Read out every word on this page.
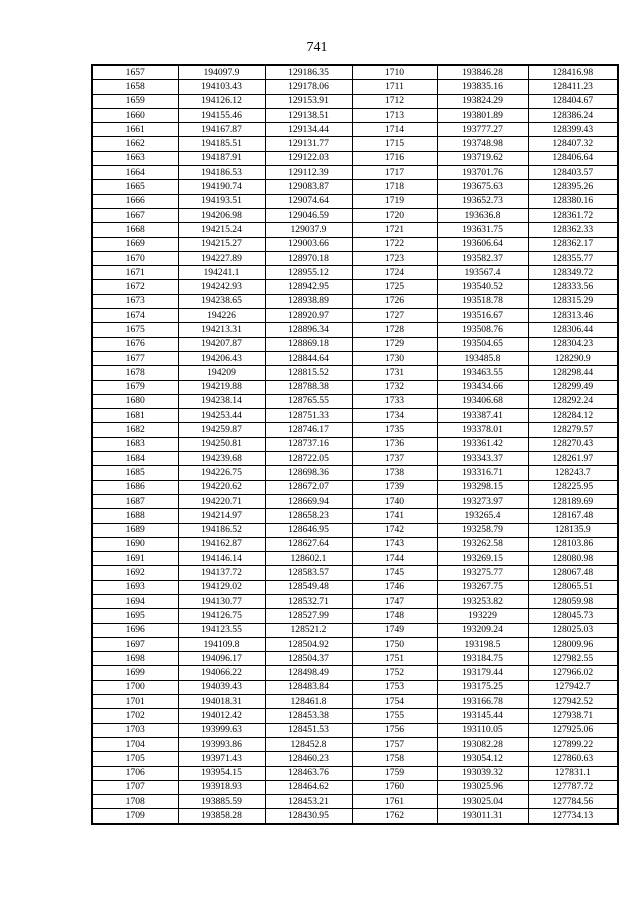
741
1657	194097.9	129186.35	1710	193846.28	128416.98
1658	194103.43	129178.06	1711	193835.16	128411.23
1659	194126.12	129153.91	1712	193824.29	128404.67
1660	194155.46	129138.51	1713	193801.89	128386.24
1661	194167.87	129134.44	1714	193777.27	128399.43
1662	194185.51	129131.77	1715	193748.98	128407.32
1663	194187.91	129122.03	1716	193719.62	128406.64
1664	194186.53	129112.39	1717	193701.76	128403.57
1665	194190.74	129083.87	1718	193675.63	128395.26
1666	194193.51	129074.64	1719	193652.73	128380.16
1667	194206.98	129046.59	1720	193636.8	128361.72
1668	194215.24	129037.9	1721	193631.75	128362.33
1669	194215.27	129003.66	1722	193606.64	128362.17
1670	194227.89	128970.18	1723	193582.37	128355.77
1671	194241.1	128955.12	1724	193567.4	128349.72
1672	194242.93	128942.95	1725	193540.52	128333.56
1673	194238.65	128938.89	1726	193518.78	128315.29
1674	194226	128920.97	1727	193516.67	128313.46
1675	194213.31	128896.34	1728	193508.76	128306.44
1676	194207.87	128869.18	1729	193504.65	128304.23
1677	194206.43	128844.64	1730	193485.8	128290.9
1678	194209	128815.52	1731	193463.55	128298.44
1679	194219.88	128788.38	1732	193434.66	128299.49
1680	194238.14	128765.55	1733	193406.68	128292.24
1681	194253.44	128751.33	1734	193387.41	128284.12
1682	194259.87	128746.17	1735	193378.01	128279.57
1683	194250.81	128737.16	1736	193361.42	128270.43
1684	194239.68	128722.05	1737	193343.37	128261.97
1685	194226.75	128698.36	1738	193316.71	128243.7
1686	194220.62	128672.07	1739	193298.15	128225.95
1687	194220.71	128669.94	1740	193273.97	128189.69
1688	194214.97	128658.23	1741	193265.4	128167.48
1689	194186.52	128646.95	1742	193258.79	128135.9
1690	194162.87	128627.64	1743	193262.58	128103.86
1691	194146.14	128602.1	1744	193269.15	128080.98
1692	194137.72	128583.57	1745	193275.77	128067.48
1693	194129.02	128549.48	1746	193267.75	128065.51
1694	194130.77	128532.71	1747	193253.82	128059.98
1695	194126.75	128527.99	1748	193229	128045.73
1696	194123.55	128521.2	1749	193209.24	128025.03
1697	194109.8	128504.92	1750	193198.5	128009.96
1698	194096.17	128504.37	1751	193184.75	127982.55
1699	194066.22	128498.49	1752	193179.44	127966.02
1700	194039.43	128483.84	1753	193175.25	127942.7
1701	194018.31	128461.8	1754	193166.78	127942.52
1702	194012.42	128453.38	1755	193145.44	127938.71
1703	193999.63	128451.53	1756	193110.05	127925.06
1704	193993.86	128452.8	1757	193082.28	127899.22
1705	193971.43	128460.23	1758	193054.12	127860.63
1706	193954.15	128463.76	1759	193039.32	127831.1
1707	193918.93	128464.62	1760	193025.96	127787.72
1708	193885.59	128453.21	1761	193025.04	127784.56
1709	193858.28	128430.95	1762	193011.31	127734.13
